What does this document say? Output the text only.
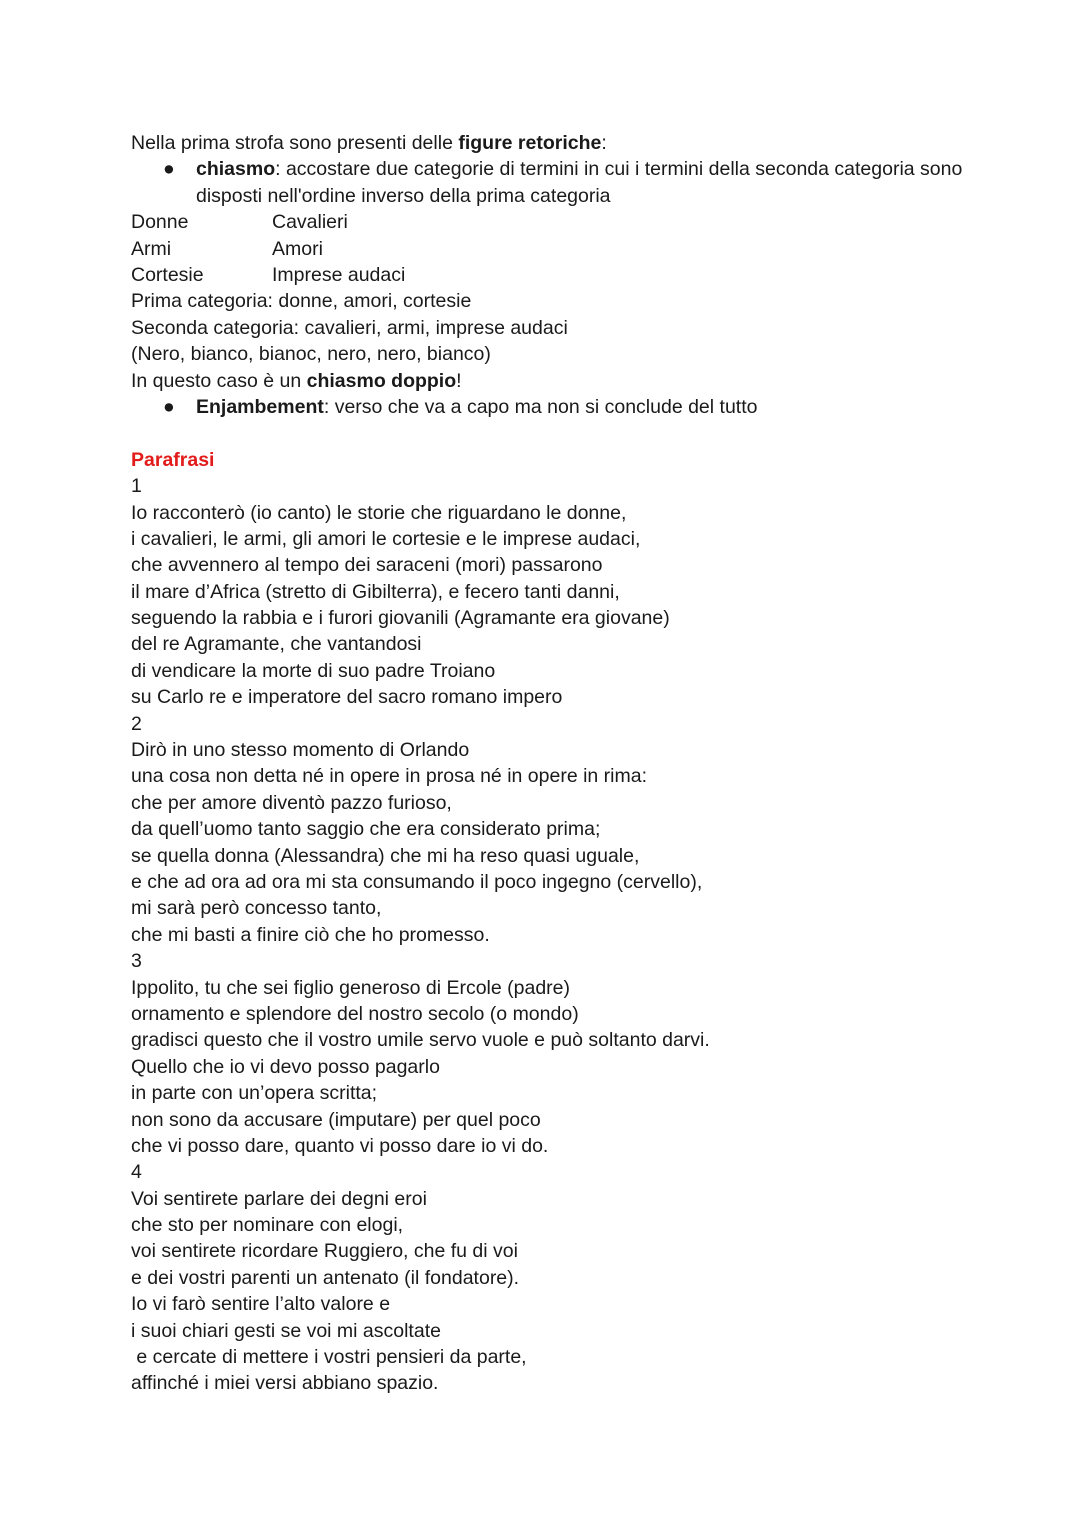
Nella prima strofa sono presenti delle figure retoriche:
● chiasmo: accostare due categorie di termini in cui i termini della seconda categoria sono disposti nell'ordine inverso della prima categoria
Donne	Cavalieri
Armi	Amori
Cortesie	Imprese audaci
Prima categoria: donne, amori, cortesie
Seconda categoria: cavalieri, armi, imprese audaci
(Nero, bianco, bianoc, nero, nero, bianco)
In questo caso è un chiasmo doppio!
● Enjambement: verso che va a capo ma non si conclude del tutto
Parafrasi
1
Io racconterò (io canto) le storie che riguardano le donne,
i cavalieri, le armi, gli amori le cortesie e le imprese audaci,
che avvennero al tempo dei saraceni (mori) passarono
il mare d’Africa (stretto di Gibilterra), e fecero tanti danni,
seguendo la rabbia e i furori giovanili (Agramante era giovane)
del re Agramante, che vantandosi
di vendicare la morte di suo padre Troiano
su Carlo re e imperatore del sacro romano impero
2
Dirò in uno stesso momento di Orlando
una cosa non detta né in opere in prosa né in opere in rima:
che per amore diventò pazzo furioso,
da quell’uomo tanto saggio che era considerato prima;
se quella donna (Alessandra) che mi ha reso quasi uguale,
e che ad ora ad ora mi sta consumando il poco ingegno (cervello),
mi sarà però concesso tanto,
che mi basti a finire ciò che ho promesso.
3
Ippolito, tu che sei figlio generoso di Ercole (padre)
ornamento e splendore del nostro secolo (o mondo)
gradisci questo che il vostro umile servo vuole e può soltanto darvi.
Quello che io vi devo posso pagarlo
in parte con un’opera scritta;
non sono da accusare (imputare) per quel poco
che vi posso dare, quanto vi posso dare io vi do.
4
Voi sentirete parlare dei degni eroi
che sto per nominare con elogi,
voi sentirete ricordare Ruggiero, che fu di voi
e dei vostri parenti un antenato (il fondatore).
Io vi farò sentire l’alto valore e
i suoi chiari gesti se voi mi ascoltate
e cercate di mettere i vostri pensieri da parte,
affinché i miei versi abbiano spazio.
